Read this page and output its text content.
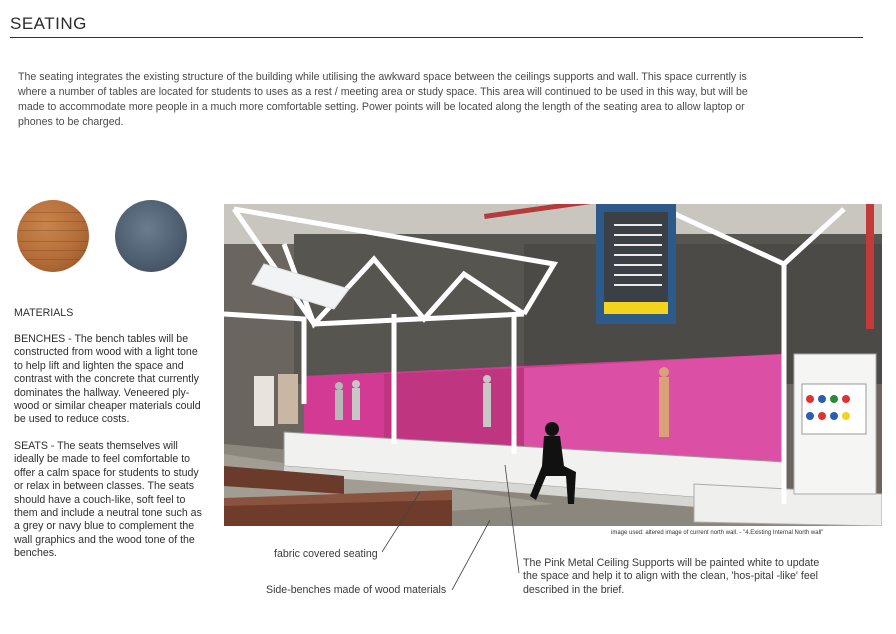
SEATING

The seating integrates the existing structure of the building while utilising the awkward space between the ceilings supports and wall. This space currently is where a number of tables are located for students to uses as a rest / meeting area or study space. This area will continued to be used in this way, but will be made to accommodate more people in a much more comfortable setting. Power points will be located along the length of the seating area to allow laptop or phones to be charged.

MATERIALS
BENCHES - The bench tables will be constructed from wood with a light tone to help lift and lighten the space and contrast with the concrete that currently dominates the hallway. Veneered ply-wood or similar cheaper materials could be used to reduce costs.
SEATS - The seats themselves will ideally be made to feel comfortable to offer a calm space for students to study or relax in between classes. The seats should have a couch-like, soft feel to them and include a neutral tone such as a grey or navy blue to complement the wall graphics and the wood tone of the benches.
image used: altered image of current north wall. - "4.Existing Internal North wall"
fabric covered seating
Side-benches made of wood materials
The Pink Metal Ceiling Supports will be painted white to update the space and help it to align with the clean, 'hos-pital -like' feel described in the brief.
